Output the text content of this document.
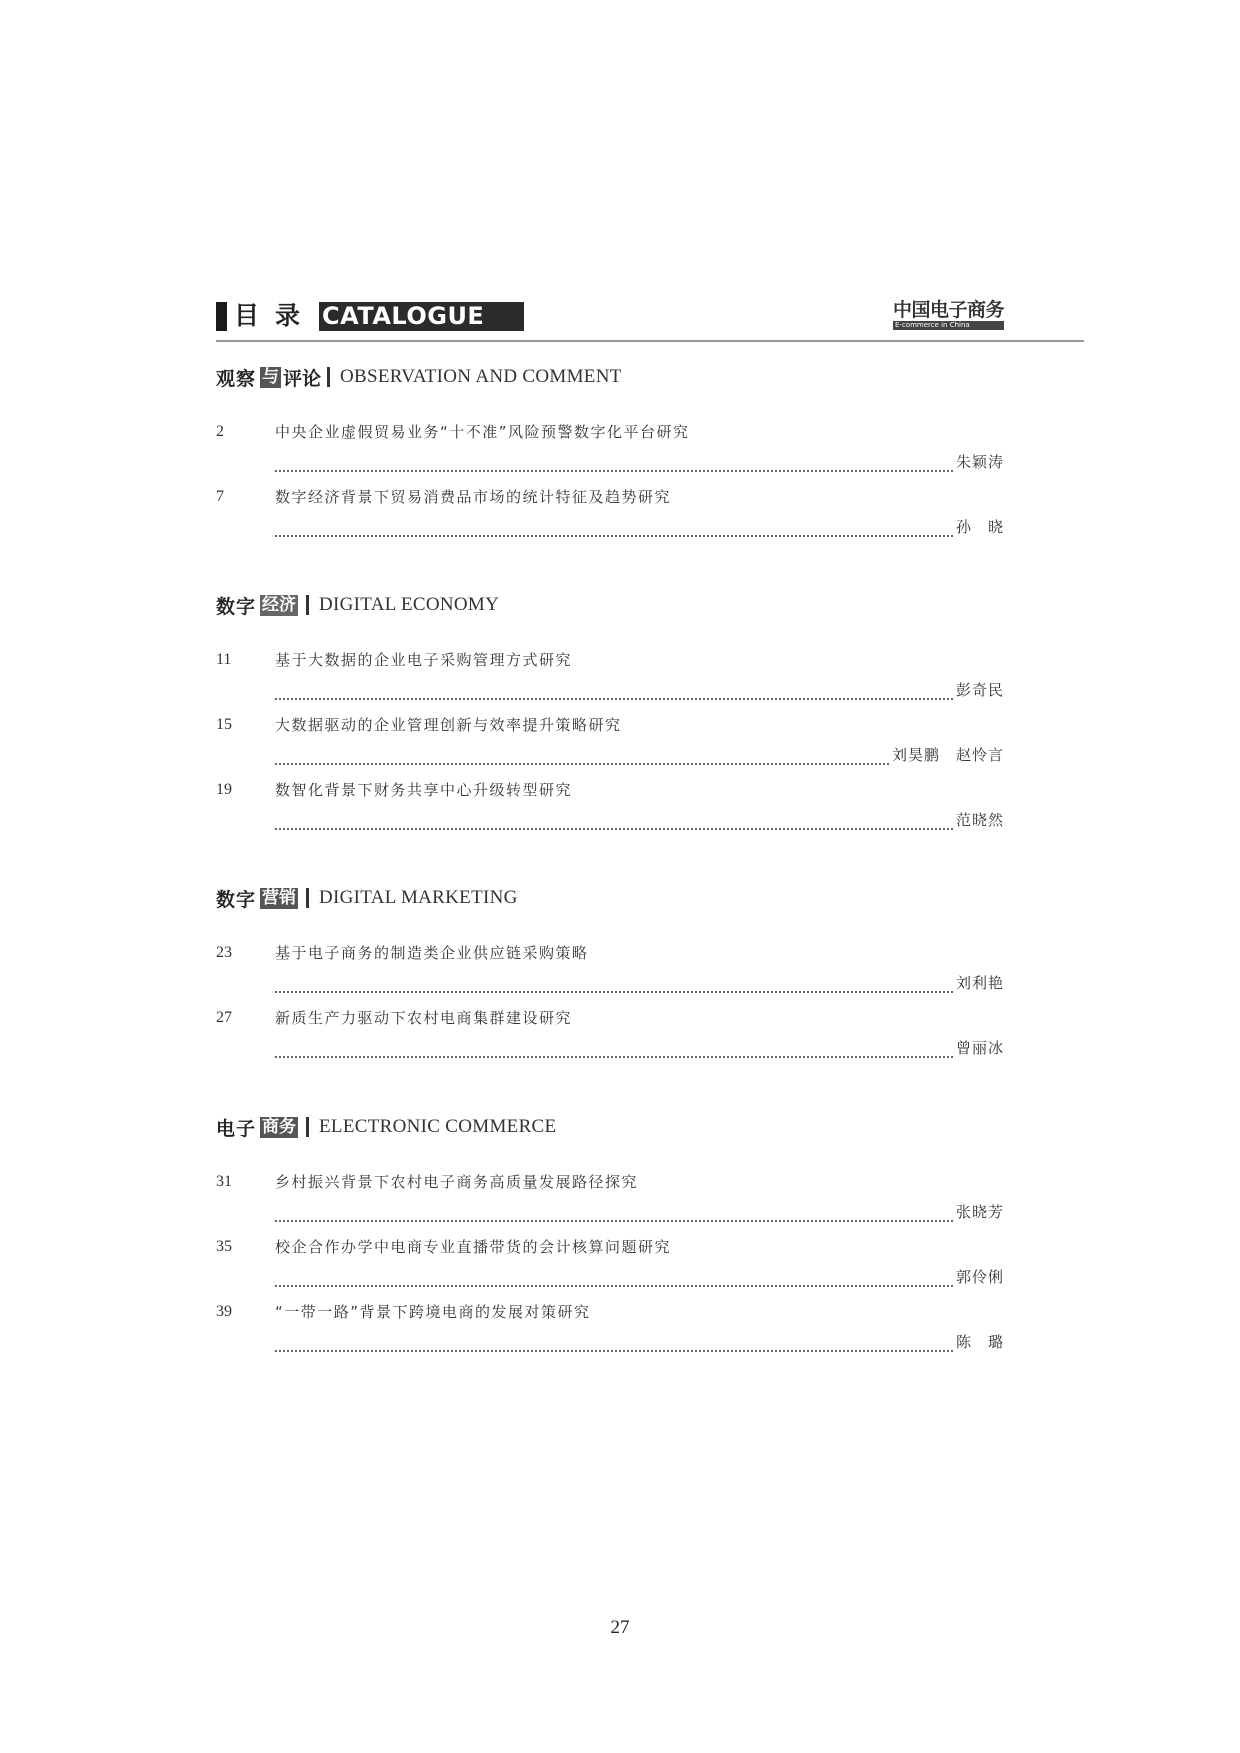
目 录 CATALOGUE	中国电子商务
E-commerce in China
观察 与 评论 OBSERVATION AND COMMENT
2	中央企业虚假贸易业务“十不准”风险预警数字化平台研究
朱颖涛
7	数字经济背景下贸易消费品市场的统计特征及趋势研究
孙　晓
数字 经济 DIGITAL ECONOMY
11	基于大数据的企业电子采购管理方式研究
彭奇民
15	大数据驱动的企业管理创新与效率提升策略研究
刘昊鹏　赵怜言
19	数智化背景下财务共享中心升级转型研究
范晓然
数字 营销 DIGITAL MARKETING
23	基于电子商务的制造类企业供应链采购策略
刘利艳
27	新质生产力驱动下农村电商集群建设研究
曾丽冰
电子 商务 ELECTRONIC COMMERCE
31	乡村振兴背景下农村电子商务高质量发展路径探究
张晓芳
35	校企合作办学中电商专业直播带货的会计核算问题研究
郭伶俐
39	“一带一路”背景下跨境电商的发展对策研究
陈　璐
27
